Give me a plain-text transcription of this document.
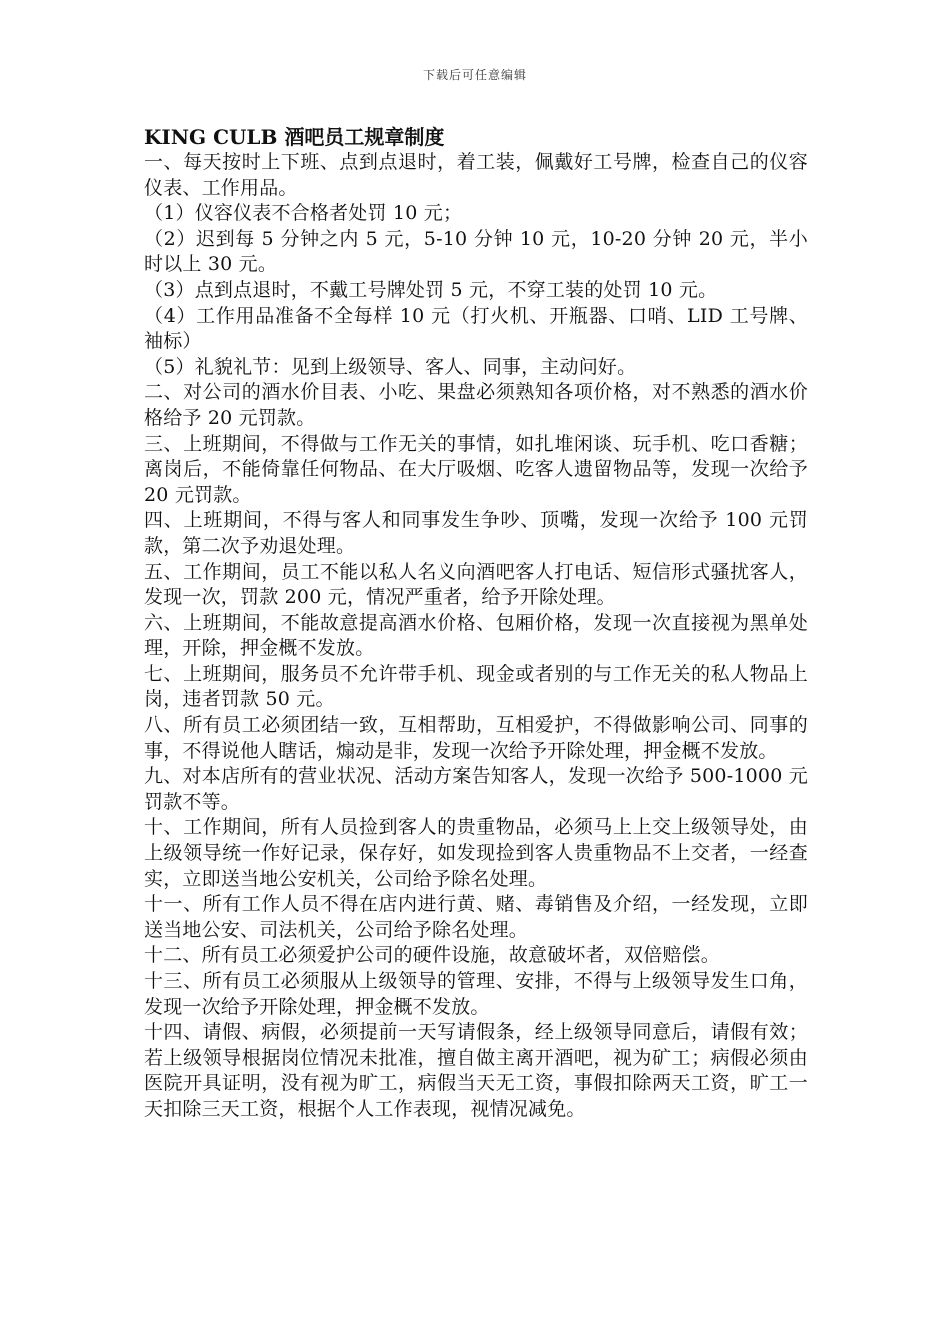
下载后可任意编辑
KING CULB 酒吧员工规章制度

一、每天按时上下班、点到点退时，着工装，佩戴好工号牌，检查自己的仪容仪表、工作用品。

（1）仪容仪表不合格者处罚 10 元；

（2）迟到每 5 分钟之内 5 元，5-10 分钟 10 元，10-20 分钟 20 元，半小时以上 30 元。

（3）点到点退时，不戴工号牌处罚 5 元，不穿工装的处罚 10 元。

（4）工作用品准备不全每样 10 元（打火机、开瓶器、口哨、LID 工号牌、袖标）

（5）礼貌礼节：见到上级领导、客人、同事，主动问好。

二、对公司的酒水价目表、小吃、果盘必须熟知各项价格，对不熟悉的酒水价格给予 20 元罚款。

三、上班期间，不得做与工作无关的事情，如扎堆闲谈、玩手机、吃口香糖；离岗后，不能倚靠任何物品、在大厅吸烟、吃客人遗留物品等，发现一次给予 20 元罚款。

四、上班期间，不得与客人和同事发生争吵、顶嘴，发现一次给予 100 元罚款，第二次予劝退处理。

五、工作期间，员工不能以私人名义向酒吧客人打电话、短信形式骚扰客人，发现一次，罚款 200 元，情况严重者，给予开除处理。

六、上班期间，不能故意提高酒水价格、包厢价格，发现一次直接视为黑单处理，开除，押金概不发放。

七、上班期间，服务员不允许带手机、现金或者别的与工作无关的私人物品上岗，违者罚款 50 元。

八、所有员工必须团结一致，互相帮助，互相爱护，不得做影响公司、同事的事，不得说他人瞎话，煽动是非，发现一次给予开除处理，押金概不发放。

九、对本店所有的营业状况、活动方案告知客人，发现一次给予 500-1000 元罚款不等。

十、工作期间，所有人员捡到客人的贵重物品，必须马上上交上级领导处，由上级领导统一作好记录，保存好，如发现捡到客人贵重物品不上交者，一经查实，立即送当地公安机关，公司给予除名处理。

十一、所有工作人员不得在店内进行黄、赌、毒销售及介绍，一经发现，立即送当地公安、司法机关，公司给予除名处理。

十二、所有员工必须爱护公司的硬件设施，故意破坏者，双倍赔偿。

十三、所有员工必须服从上级领导的管理、安排，不得与上级领导发生口角，发现一次给予开除处理，押金概不发放。

十四、请假、病假，必须提前一天写请假条，经上级领导同意后，请假有效；若上级领导根据岗位情况未批准，擅自做主离开酒吧，视为矿工；病假必须由医院开具证明，没有视为旷工，病假当天无工资，事假扣除两天工资，旷工一天扣除三天工资，根据个人工作表现，视情况减免。
